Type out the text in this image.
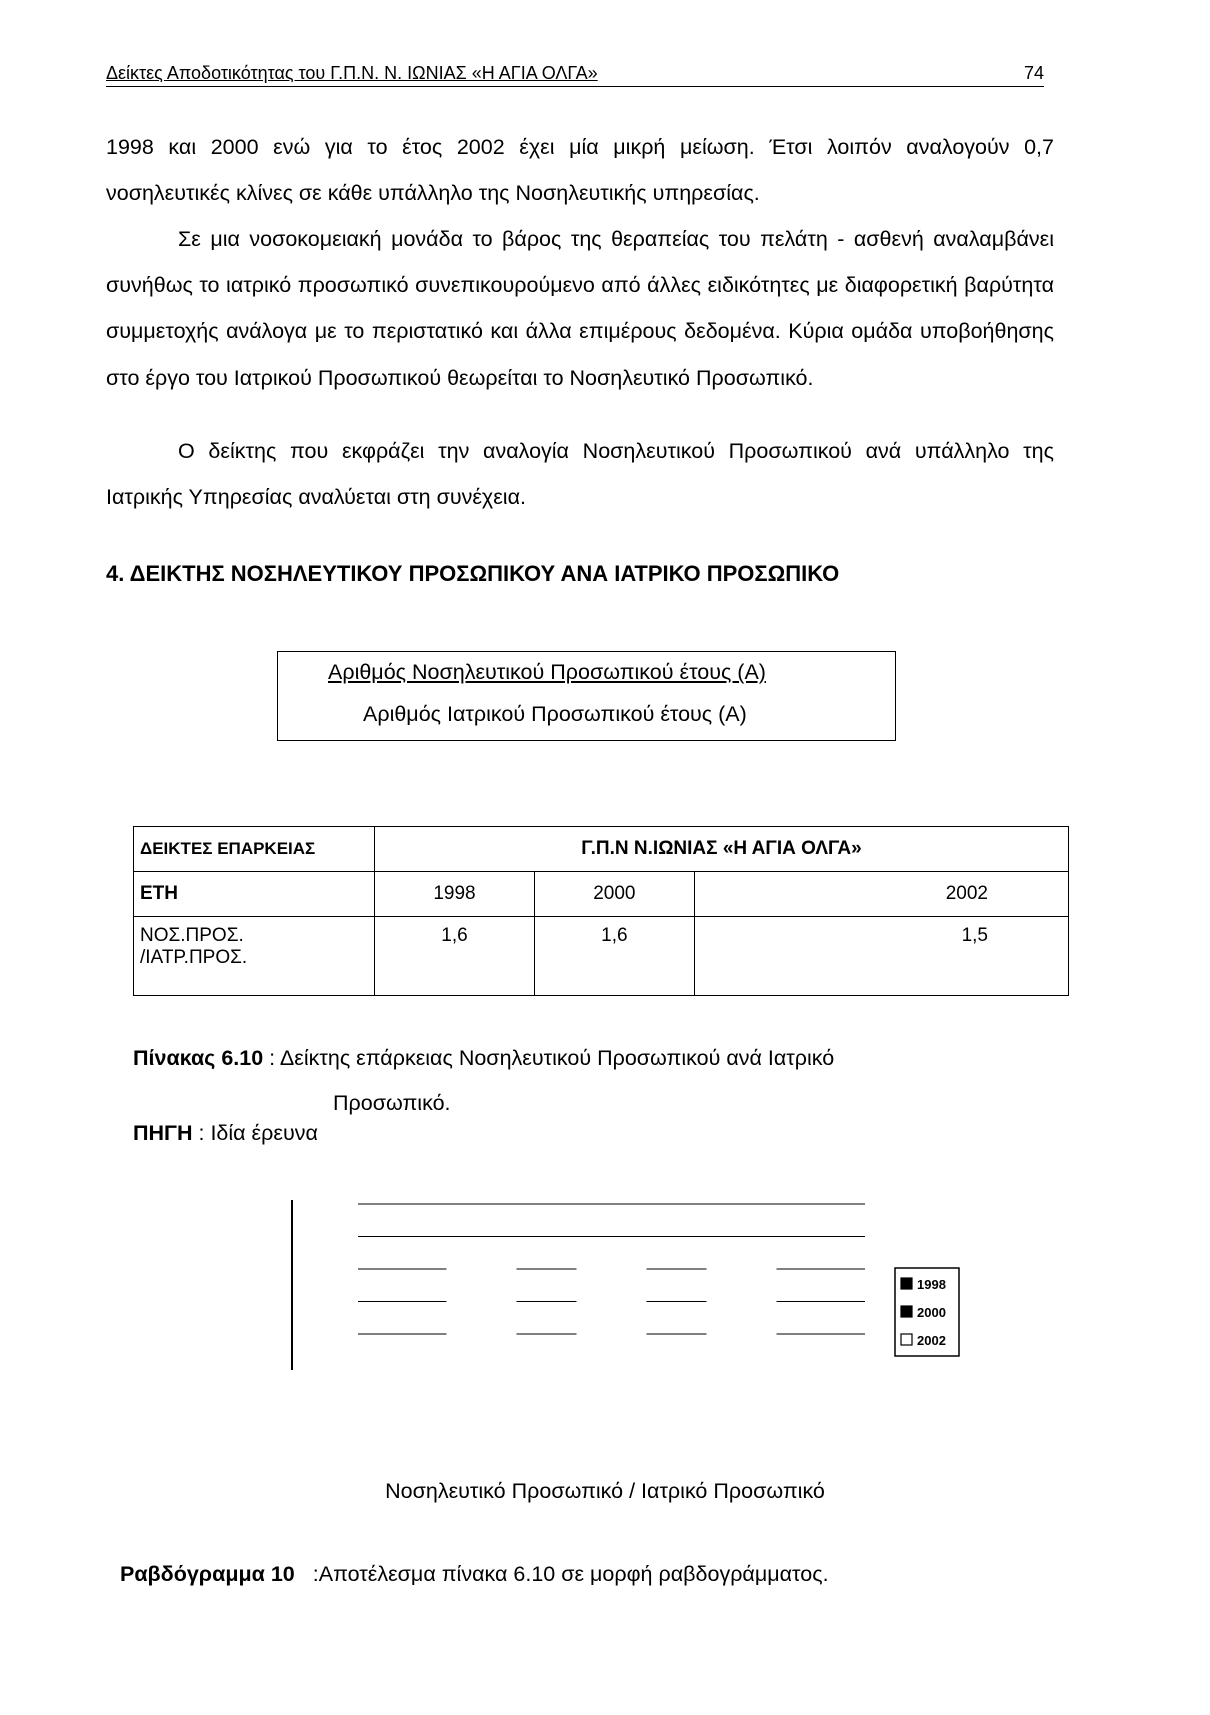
Δείκτες Αποδοτικότητας του Γ.Π.Ν. Ν. ΙΩΝΙΑΣ «Η ΑΓΙΑ ΟΛΓΑ»	74
1998 και 2000 ενώ για το έτος 2002 έχει μία μικρή μείωση. Έτσι λοιπόν αναλογούν 0,7 νοσηλευτικές κλίνες σε κάθε υπάλληλο της Νοσηλευτικής υπηρεσίας.
Σε μια νοσοκομειακή μονάδα το βάρος της θεραπείας του πελάτη - ασθενή αναλαμβάνει συνήθως το ιατρικό προσωπικό συνεπικουρούμενο από άλλες ειδικότητες με διαφορετική βαρύτητα συμμετοχής ανάλογα με το περιστατικό και άλλα επιμέρους δεδομένα. Κύρια ομάδα υποβοήθησης στο έργο του Ιατρικού Προσωπικού θεωρείται το Νοσηλευτικό Προσωπικό.
Ο δείκτης που εκφράζει την αναλογία Νοσηλευτικού Προσωπικού ανά υπάλληλο της Ιατρικής Υπηρεσίας αναλύεται στη συνέχεια.
4. ΔΕΙΚΤΗΣ ΝΟΣΗΛΕΥΤΙΚΟΥ ΠΡΟΣΩΠΙΚΟΥ ΑΝΑ ΙΑΤΡΙΚΟ ΠΡΟΣΩΠΙΚΟ
Αριθμός Νοσηλευτικού Προσωπικού έτους (Α)
Αριθμός Ιατρικού Προσωπικού έτους (Α)
ΔΕΙΚΤΕΣ ΕΠΑΡΚΕΙΑΣ	Γ.Π.Ν Ν.ΙΩΝΙΑΣ «Η ΑΓΙΑ ΟΛΓΑ»		
ΕΤΗ	1998	2000	2002

ΝΟΣ.ΠΡΟΣ.
/ΙΑΤΡ.ΠΡΟΣ.	1,6	1,6	1,5
Πίνακας 6.10 : Δείκτης επάρκειας Νοσηλευτικού Προσωπικού ανά Ιατρικό
Προσωπικό.
ΠΗΓΗ : Ιδία έρευνα
1998
2000
2002
Νοσηλευτικό Προσωπικό / Ιατρικό Προσωπικό
Ραβδόγραμμα 10 :Αποτέλεσμα πίνακα 6.10 σε μορφή ραβδογράμματος.
